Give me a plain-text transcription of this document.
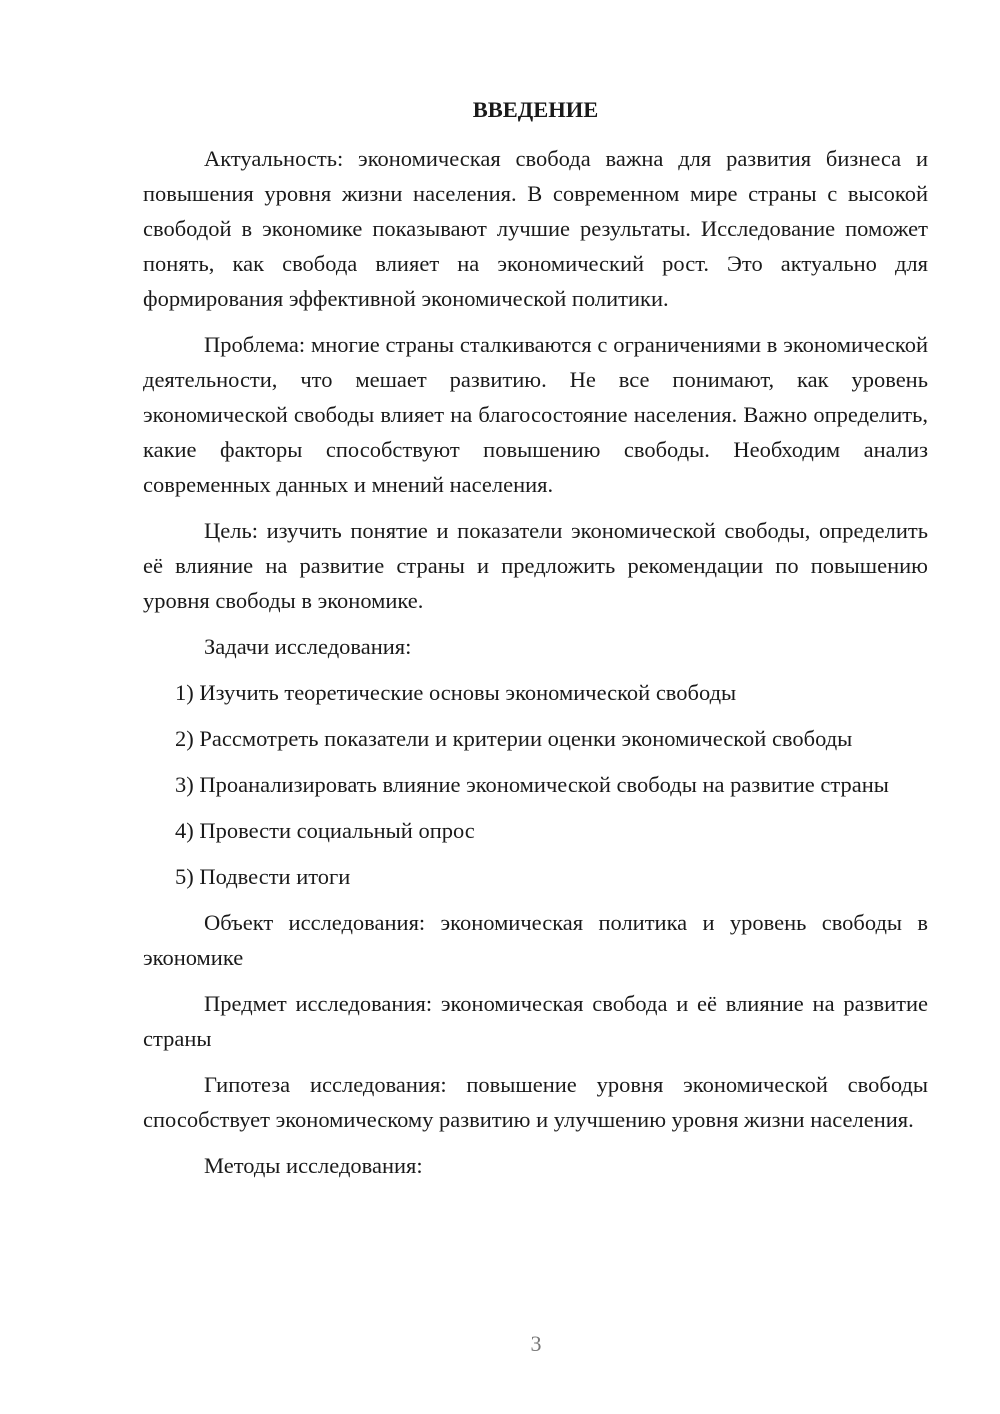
ВВЕДЕНИЕ

Актуальность: экономическая свобода важна для развития бизнеса и повышения уровня жизни населения. В современном мире страны с высокой свободой в экономике показывают лучшие результаты. Исследование поможет понять, как свобода влияет на экономический рост. Это актуально для формирования эффективной экономической политики.

Проблема: многие страны сталкиваются с ограничениями в экономической деятельности, что мешает развитию. Не все понимают, как уровень экономической свободы влияет на благосостояние населения. Важно определить, какие факторы способствуют повышению свободы. Необходим анализ современных данных и мнений населения.

Цель: изучить понятие и показатели экономической свободы, определить её влияние на развитие страны и предложить рекомендации по повышению уровня свободы в экономике.

Задачи исследования:

1) Изучить теоретические основы экономической свободы

2) Рассмотреть показатели и критерии оценки экономической свободы

3) Проанализировать влияние экономической свободы на развитие страны

4) Провести социальный опрос

5) Подвести итоги

Объект исследования: экономическая политика и уровень свободы в экономике

Предмет исследования: экономическая свобода и её влияние на развитие страны

Гипотеза исследования: повышение уровня экономической свободы способствует экономическому развитию и улучшению уровня жизни населения.

Методы исследования:

3
